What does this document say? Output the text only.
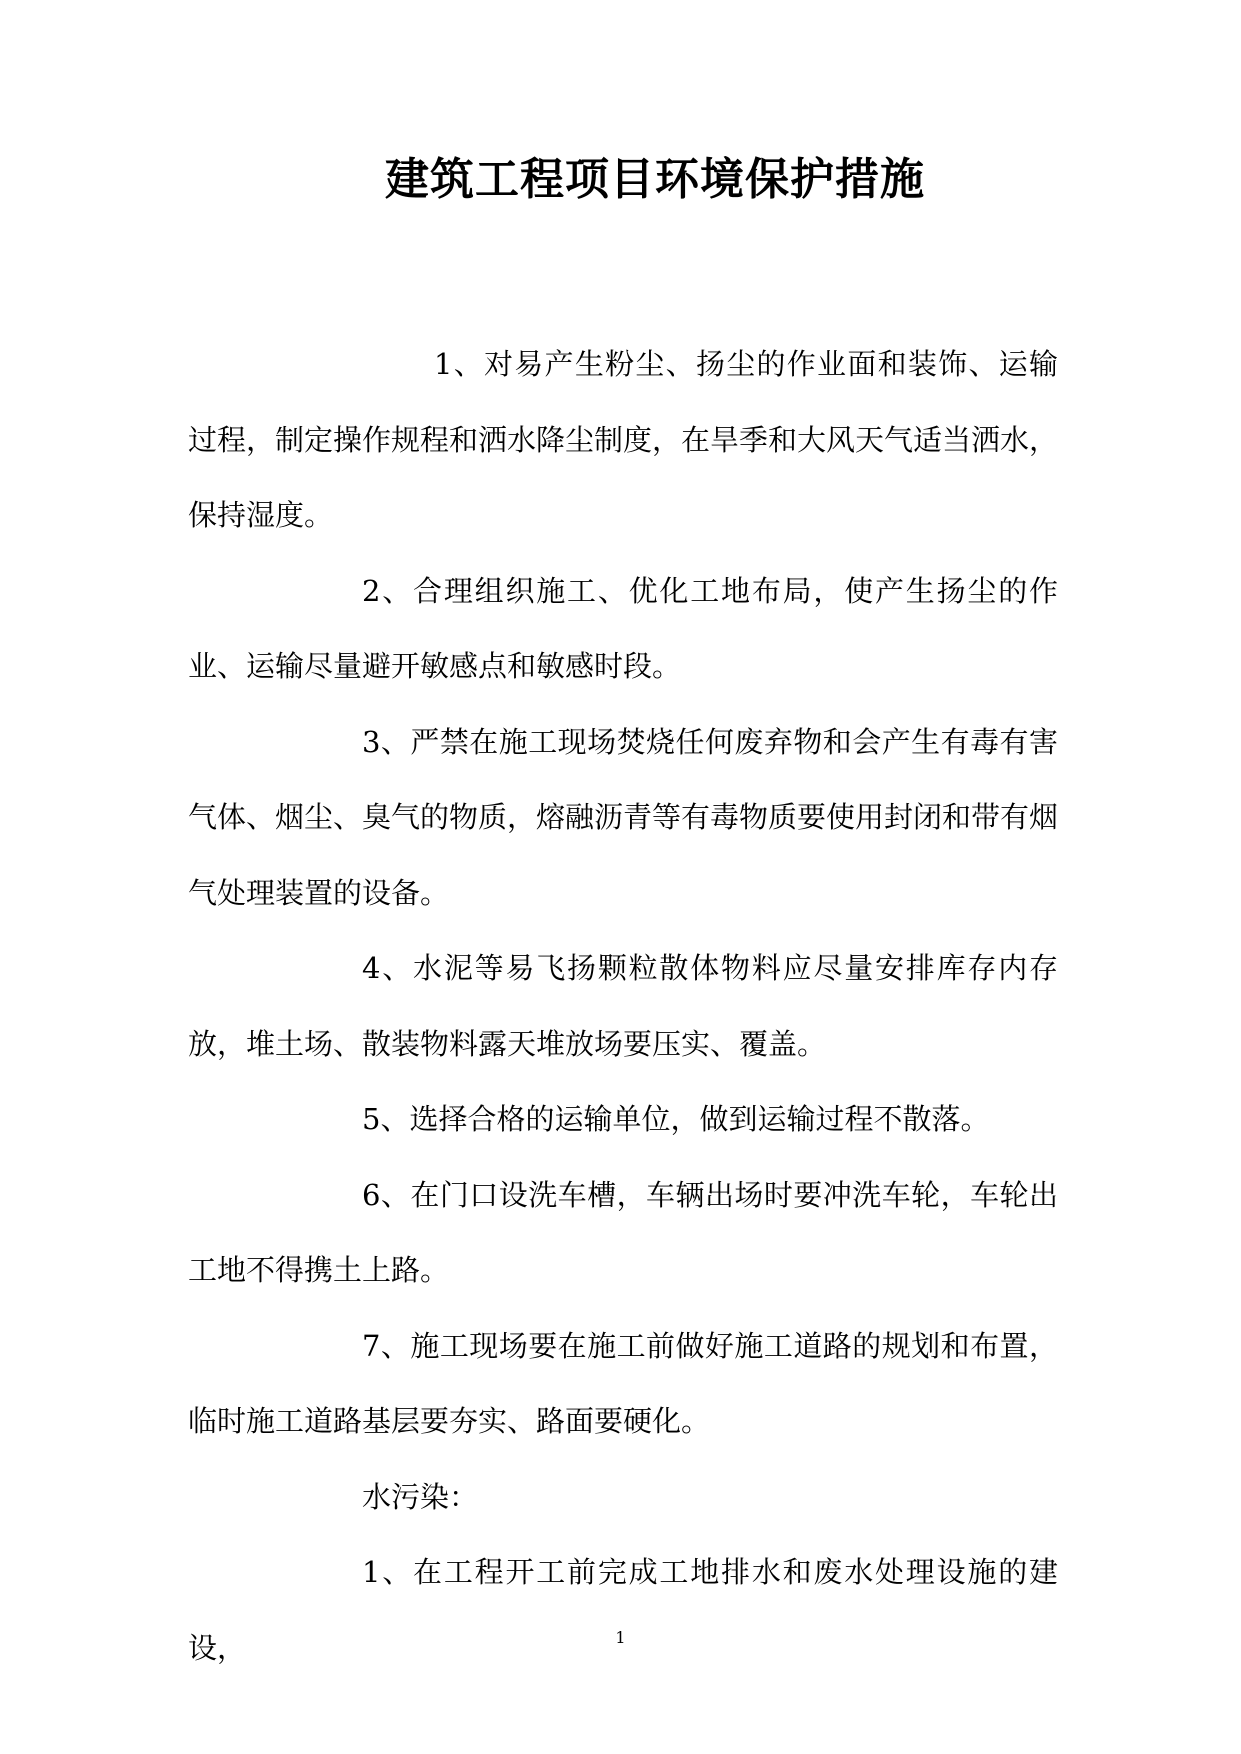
建筑工程项目环境保护措施

1、对易产生粉尘、扬尘的作业面和装饰、运输过程，制定操作规程和洒水降尘制度，在旱季和大风天气适当洒水，保持湿度。

2、合理组织施工、优化工地布局，使产生扬尘的作业、运输尽量避开敏感点和敏感时段。

3、严禁在施工现场焚烧任何废弃物和会产生有毒有害气体、烟尘、臭气的物质，熔融沥青等有毒物质要使用封闭和带有烟气处理装置的设备。

4、水泥等易飞扬颗粒散体物料应尽量安排库存内存放，堆土场、散装物料露天堆放场要压实、覆盖。

5、选择合格的运输单位，做到运输过程不散落。

6、在门口设洗车槽，车辆出场时要冲洗车轮，车轮出工地不得携土上路。

7、施工现场要在施工前做好施工道路的规划和布置，临时施工道路基层要夯实、路面要硬化。

水污染：

1、在工程开工前完成工地排水和废水处理设施的建设，	1
